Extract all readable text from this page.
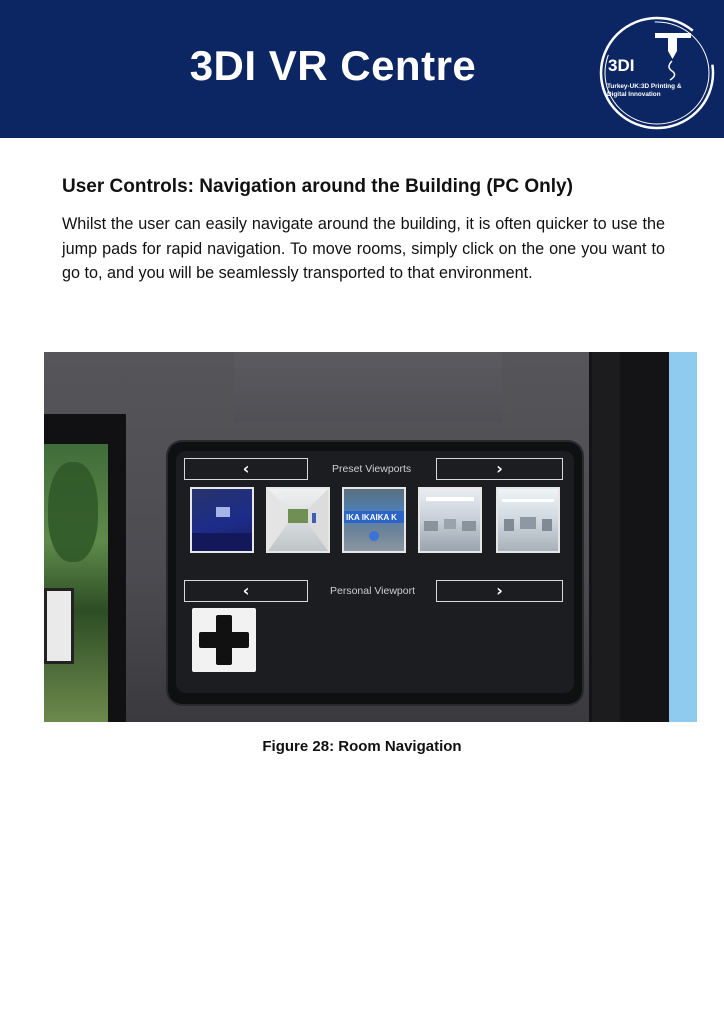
3DI VR Centre	3DI
Turkey-UK:3D Printing &
Digital Innovation
User Controls: Navigation around the Building (PC Only)
Whilst the user can easily navigate around the building, it is often quicker to use the jump pads for rapid navigation. To move rooms, simply click on the one you want to go to, and you will be seamlessly transported to that environment.
‹	Preset Viewports	›
IKA IKAIKA K
‹	Personal Viewport	›
Figure 28: Room Navigation
